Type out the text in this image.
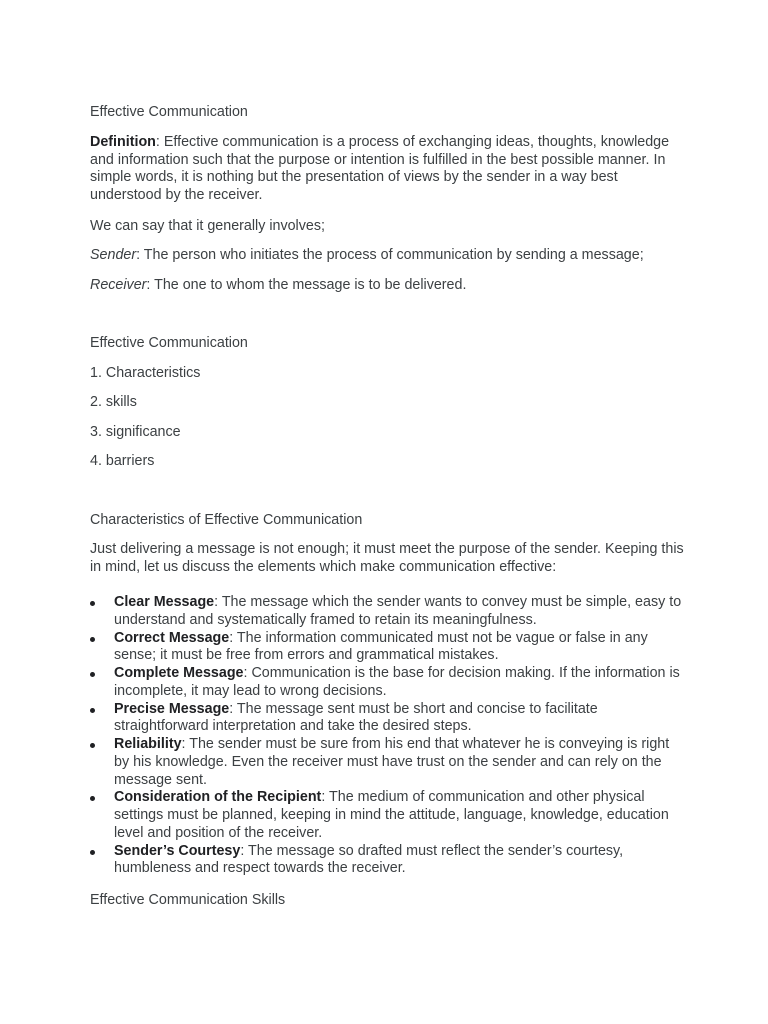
Effective Communication

Definition: Effective communication is a process of exchanging ideas, thoughts, knowledge and information such that the purpose or intention is fulfilled in the best possible manner. In simple words, it is nothing but the presentation of views by the sender in a way best understood by the receiver.

We can say that it generally involves;

Sender: The person who initiates the process of communication by sending a message;

Receiver: The one to whom the message is to be delivered.

Effective Communication

1. Characteristics

2. skills

3. significance

4. barriers

Characteristics of Effective Communication

Just delivering a message is not enough; it must meet the purpose of the sender. Keeping this in mind, let us discuss the elements which make communication effective:

Clear Message: The message which the sender wants to convey must be simple, easy to understand and systematically framed to retain its meaningfulness.
Correct Message: The information communicated must not be vague or false in any sense; it must be free from errors and grammatical mistakes.
Complete Message: Communication is the base for decision making. If the information is incomplete, it may lead to wrong decisions.
Precise Message: The message sent must be short and concise to facilitate straightforward interpretation and take the desired steps.
Reliability: The sender must be sure from his end that whatever he is conveying is right by his knowledge. Even the receiver must have trust on the sender and can rely on the message sent.
Consideration of the Recipient: The medium of communication and other physical settings must be planned, keeping in mind the attitude, language, knowledge, education level and position of the receiver.
Sender’s Courtesy: The message so drafted must reflect the sender’s courtesy, humbleness and respect towards the receiver.

Effective Communication Skills
